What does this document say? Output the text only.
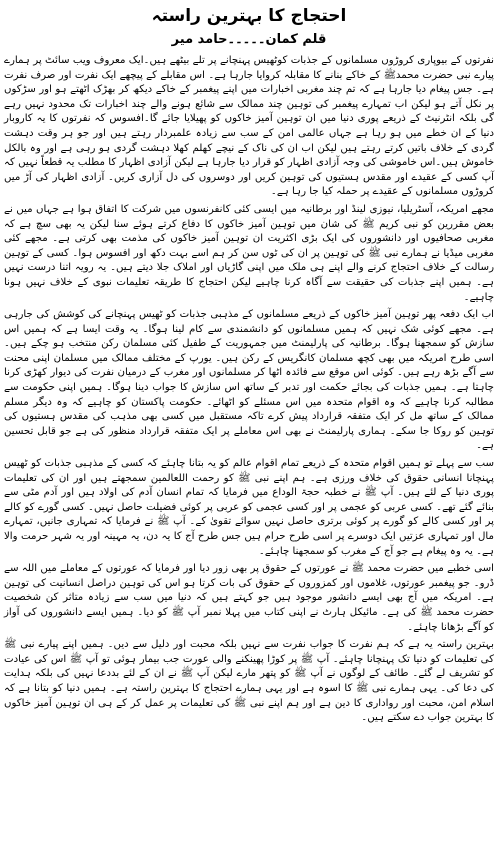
احتجاج کا بہترین راستہ
قلم کمان۔۔۔۔۔حامد میر

نفرتوں کے بیوپاری کروڑوں مسلمانوں کے جذبات کوٹھیس پہنچانے پر تلے بیٹھے ہیں۔ایک معروف ویب سائٹ پر ہمارے پیارے نبی حضرت محمدﷺ کے خاکے بنانے کا مقابلہ کروایا جارہا ہے۔ اس مقابلے کے پیچھے ایک نفرت اور صرف نفرت ہے۔ جس پیغام دیا جارہا ہے کہ تم چند مغربی اخبارات میں اپنے پیغمبر کے خاکے دیکھ کر بھڑک اٹھتے ہو اور سڑکوں پر نکل آتے ہو لیکن اب تمہارے پیغمبر کی توہین چند ممالک سے شائع ہونے والے چند اخبارات تک محدود نہیں رہے گی بلکہ انٹرنیٹ کے ذریعے پوری دنیا میں ان توہین آمیز خاکوں کو پھیلایا جائے گا۔افسوس کہ نفرتوں کا یہ کاروبار دنیا کے ان خطے میں ہو رہا ہے جہاں عالمی امن کے سب سے زیادہ علمبردار رہتے ہیں اور جو ہر وقت دہشت گردی کے خلاف باتیں کرتے رہتے ہیں لیکن اب ان کی ناک کے نیچے کھلم کھلا دہشت گردی ہو رہی ہے اور وہ بالکل خاموش ہیں۔اس خاموشی کی وجہ آزادی اظہار کو قرار دیا جارہا ہے لیکن آزادی اظہار کا مطلب یہ قطعاً نہیں کہ آپ کسی کے عقیدے اور مقدس ہستیوں کی توہین کریں اور دوسروں کی دل آزاری کریں۔ آزادی اظہار کی آڑ میں کروڑوں مسلمانوں کے عقیدے پر حملہ کیا جا رہا ہے۔

مجھے امریکہ، آسٹریلیا، نیوزی لینڈ اور برطانیہ میں ایسی کئی کانفرنسوں میں شرکت کا اتفاق ہوا ہے جہاں میں نے بعض مقررین کو نبی کریم ﷺ کی شان میں توہین آمیز خاکوں کا دفاع کرتے ہوئے سنا لیکن یہ بھی سچ ہے کہ مغربی صحافیوں اور دانشوروں کی ایک بڑی اکثریت ان توہین آمیز خاکوں کی مذمت بھی کرتی ہے۔ مجھے کئی مغربی میڈیا نے ہمارے نبی ﷺ کی توہین پر ان کی ٹوں سن کر ہم اسے بہت دکھ اور افسوس ہوا۔ کسی کے توہین رسالت کے خلاف احتجاج کرنے والے اپنے ہی ملک میں اپنی گاڑیاں اور املاک جلا دیتے ہیں۔ یہ رویہ اتنا درست نہیں ہے۔ ہمیں اپنے جذبات کی حقیقت سے آگاہ کرنا چاہیے لیکن احتجاج کا طریقہ تعلیمات نبوی کے خلاف نہیں ہونا چاہیے۔

اب ایک دفعہ پھر توہین آمیز خاکوں کے ذریعے مسلمانوں کے مذہبی جذبات کو ٹھیس پہنچانے کی کوشش کی جارہی ہے۔ مجھے کوئی شک نہیں کہ ہمیں مسلمانوں کو دانشمندی سے کام لینا ہوگا۔ یہ وقت ایسا ہے کہ ہمیں اس سازش کو سمجھنا ہوگا۔ برطانیہ کی پارلیمنٹ میں جمہوریت کے طفیل کئی مسلمان رکن منتخب ہو چکے ہیں۔ اسی طرح امریکہ میں بھی کچھ مسلمان کانگریس کے رکن ہیں۔ یورپ کے مختلف ممالک میں مسلمان اپنی محنت سے آگے بڑھ رہے ہیں۔ کوئی اس موقع سے فائدہ اٹھا کر مسلمانوں اور مغرب کے درمیان نفرت کی دیوار کھڑی کرنا چاہتا ہے۔ ہمیں جذبات کی بجائے حکمت اور تدبر کے ساتھ اس سازش کا جواب دینا ہوگا۔ ہمیں اپنی حکومت سے مطالبہ کرنا چاہیے کہ وہ اقوام متحدہ میں اس مسئلے کو اٹھائے۔ حکومت پاکستان کو چاہیے کہ وہ دیگر مسلم ممالک کے ساتھ مل کر ایک متفقہ قرارداد پیش کرے تاکہ مستقبل میں کسی بھی مذہب کی مقدس ہستیوں کی توہین کو روکا جا سکے۔ ہماری پارلیمنٹ نے بھی اس معاملے پر ایک متفقہ قرارداد منظور کی ہے جو قابل تحسین ہے۔

سب سے پہلے تو ہمیں اقوام متحدہ کے ذریعے تمام اقوام عالم کو یہ بتانا چاہئے کہ کسی کے مذہبی جذبات کو ٹھیس پہنچانا انسانی حقوق کی خلاف ورزی ہے۔ ہم اپنے نبی ﷺ کو رحمت اللعالمین سمجھتے ہیں اور ان کی تعلیمات پوری دنیا کے لئے ہیں۔ آپ ﷺ نے خطبہ حجۃ الوداع میں فرمایا کہ تمام انسان آدم کی اولاد ہیں اور آدم مٹی سے بنائے گئے تھے۔ کسی عربی کو عجمی پر اور کسی عجمی کو عربی پر کوئی فضیلت حاصل نہیں۔ کسی گورے کو کالے پر اور کسی کالے کو گورے پر کوئی برتری حاصل نہیں سوائے تقویٰ کے۔ آپ ﷺ نے فرمایا کہ تمہاری جانیں، تمہارے مال اور تمہاری عزتیں ایک دوسرے پر اسی طرح حرام ہیں جس طرح آج کا یہ دن، یہ مہینہ اور یہ شہر حرمت والا ہے۔ یہ وہ پیغام ہے جو آج کے مغرب کو سمجھنا چاہئے۔

اسی خطبے میں حضرت محمد ﷺ نے عورتوں کے حقوق پر بھی زور دیا اور فرمایا کہ عورتوں کے معاملے میں اللہ سے ڈرو۔ جو پیغمبر عورتوں، غلاموں اور کمزوروں کے حقوق کی بات کرتا ہو اس کی توہین دراصل انسانیت کی توہین ہے۔ امریکہ میں آج بھی ایسے دانشور موجود ہیں جو کہتے ہیں کہ دنیا میں سب سے زیادہ متاثر کن شخصیت حضرت محمد ﷺ کی ہے۔ مائیکل ہارٹ نے اپنی کتاب میں پہلا نمبر آپ ﷺ کو دیا۔ ہمیں ایسے دانشوروں کی آواز کو آگے بڑھانا چاہئے۔

بہترین راستہ یہ ہے کہ ہم نفرت کا جواب نفرت سے نہیں بلکہ محبت اور دلیل سے دیں۔ ہمیں اپنے پیارے نبی ﷺ کی تعلیمات کو دنیا تک پہنچانا چاہئے۔ آپ ﷺ پر کوڑا پھینکنے والی عورت جب بیمار ہوئی تو آپ ﷺ اس کی عیادت کو تشریف لے گئے۔ طائف کے لوگوں نے آپ ﷺ کو پتھر مارے لیکن آپ ﷺ نے ان کے لئے بددعا نہیں کی بلکہ ہدایت کی دعا کی۔ یہی ہمارے نبی ﷺ کا اسوہ ہے اور یہی ہمارے احتجاج کا بہترین راستہ ہے۔ ہمیں دنیا کو بتانا ہے کہ اسلام امن، محبت اور رواداری کا دین ہے اور ہم اپنے نبی ﷺ کی تعلیمات پر عمل کر کے ہی ان توہین آمیز خاکوں کا بہترین جواب دے سکتے ہیں۔
